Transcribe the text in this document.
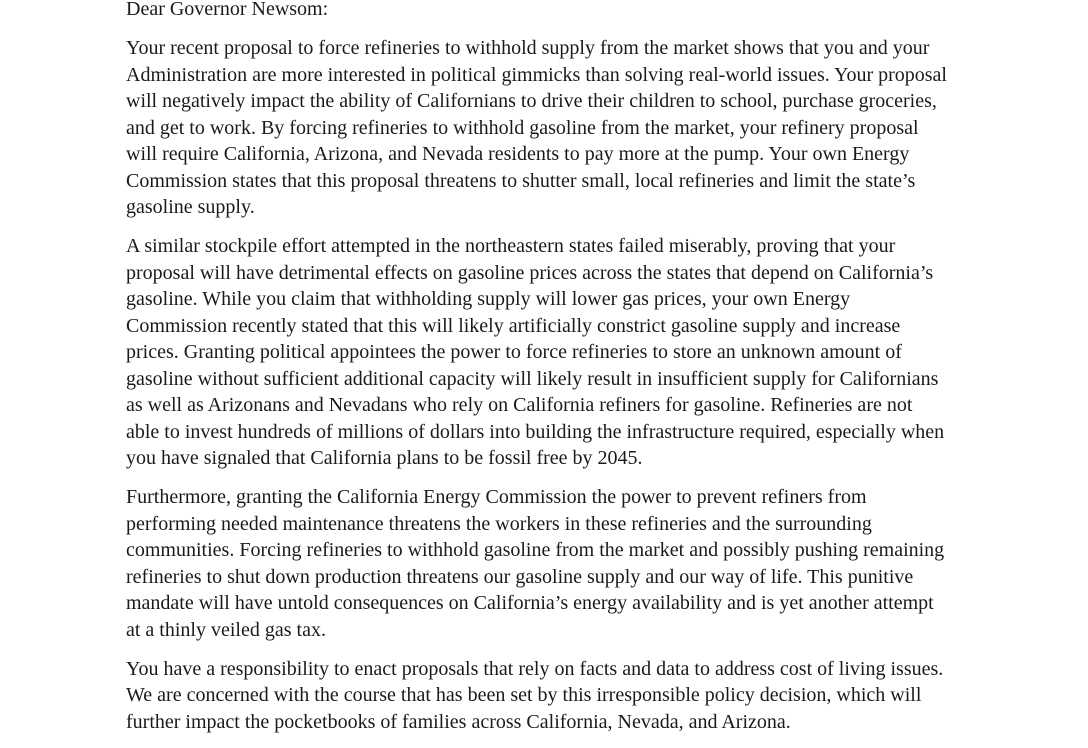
Dear Governor Newsom:

Your recent proposal to force refineries to withhold supply from the market shows that you and your Administration are more interested in political gimmicks than solving real-world issues. Your proposal will negatively impact the ability of Californians to drive their children to school, purchase groceries, and get to work. By forcing refineries to withhold gasoline from the market, your refinery proposal will require California, Arizona, and Nevada residents to pay more at the pump. Your own Energy Commission states that this proposal threatens to shutter small, local refineries and limit the state’s gasoline supply.

A similar stockpile effort attempted in the northeastern states failed miserably, proving that your proposal will have detrimental effects on gasoline prices across the states that depend on California’s gasoline. While you claim that withholding supply will lower gas prices, your own Energy Commission recently stated that this will likely artificially constrict gasoline supply and increase prices. Granting political appointees the power to force refineries to store an unknown amount of gasoline without sufficient additional capacity will likely result in insufficient supply for Californians as well as Arizonans and Nevadans who rely on California refiners for gasoline. Refineries are not able to invest hundreds of millions of dollars into building the infrastructure required, especially when you have signaled that California plans to be fossil free by 2045.

Furthermore, granting the California Energy Commission the power to prevent refiners from performing needed maintenance threatens the workers in these refineries and the surrounding communities. Forcing refineries to withhold gasoline from the market and possibly pushing remaining refineries to shut down production threatens our gasoline supply and our way of life. This punitive mandate will have untold consequences on California’s energy availability and is yet another attempt at a thinly veiled gas tax.

You have a responsibility to enact proposals that rely on facts and data to address cost of living issues. We are concerned with the course that has been set by this irresponsible policy decision, which will further impact the pocketbooks of families across California, Nevada, and Arizona.
